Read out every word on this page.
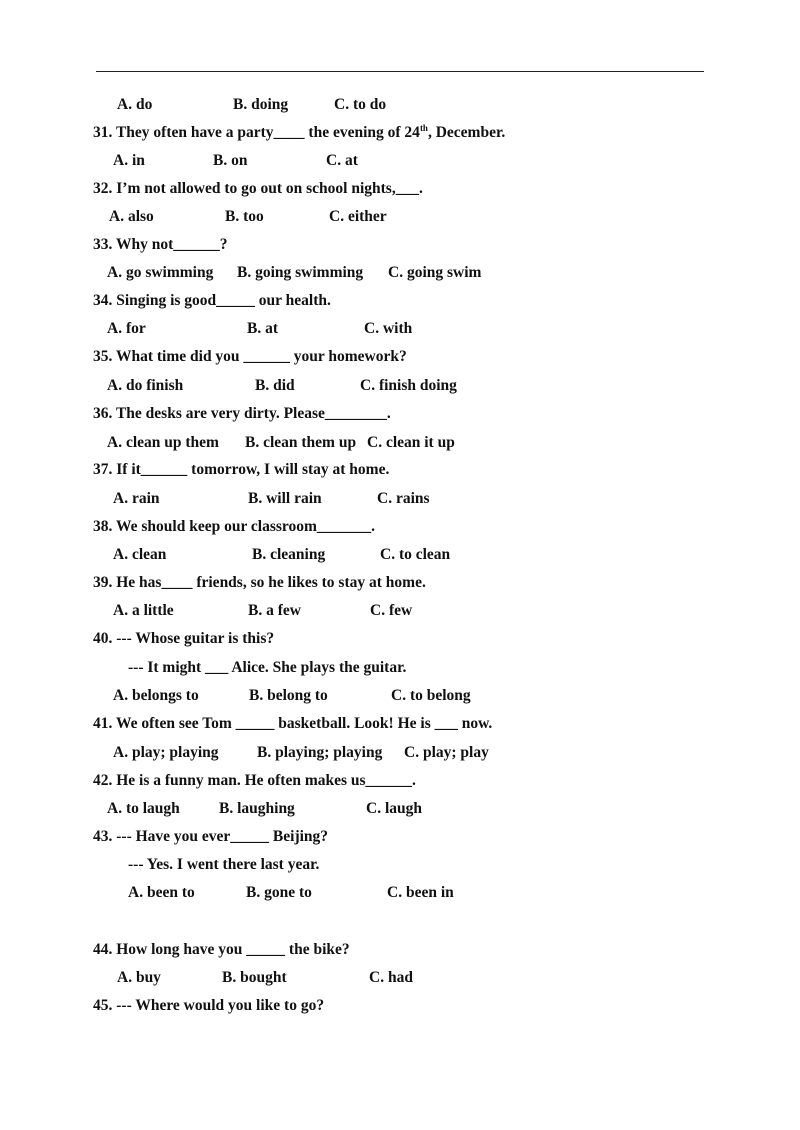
A. do	B. doing	C. to do
31. They often have a party____ the evening of 24th, December.
A. in	B. on	C. at
32. I’m not allowed to go out on school nights,___.
A. also	B. too	C. either
33. Why not______?
A. go swimming B. going swimming C. going swim
34. Singing is good_____ our health.
A. for	B. at	C. with
35. What time did you ______ your homework?
A. do finish	B. did	C. finish doing
36. The desks are very dirty. Please________.
A. clean up them B. clean them up C. clean it up
37. If it______ tomorrow, I will stay at home.
A. rain	B. will rain	C. rains
38. We should keep our classroom_______.
A. clean	B. cleaning	C. to clean
39. He has____ friends, so he likes to stay at home.
A. a little	B. a few	C. few
40. --- Whose guitar is this?
--- It might ___ Alice. She plays the guitar.
A. belongs to	B. belong to	C. to belong
41. We often see Tom _____ basketball. Look! He is ___ now.
A. play; playing B. playing; playing C. play; play
42. He is a funny man. He often makes us______.
A. to laugh	B. laughing	C. laugh
43. --- Have you ever_____ Beijing?
--- Yes. I went there last year.
A. been to	B. gone to	C. been in
44. How long have you _____ the bike?
A. buy	B. bought	C. had
45. --- Where would you like to go?
